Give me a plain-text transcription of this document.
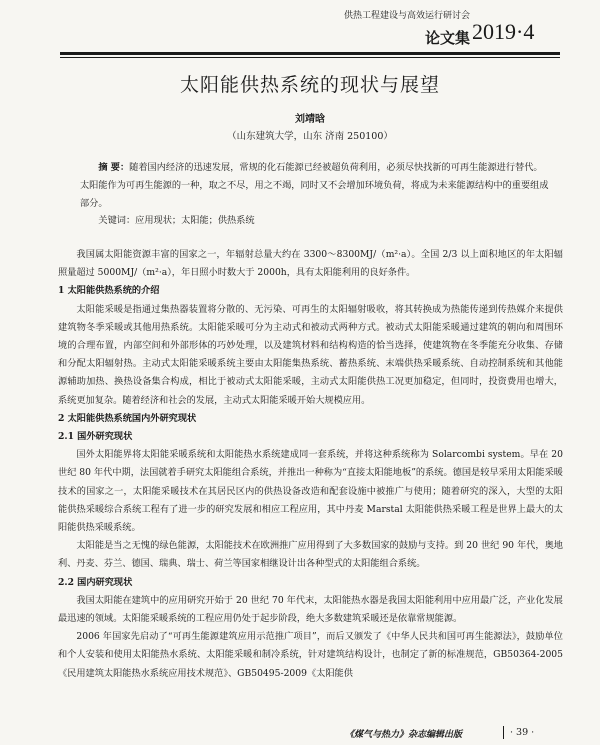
供热工程建设与高效运行研讨会
论文集 2019·4
太阳能供热系统的现状与展望
刘靖晗
（山东建筑大学，山东 济南 250100）
摘 要：随着国内经济的迅速发展，常规的化石能源已经被超负荷利用，必须尽快找新的可再生能源进行替代。太阳能作为可再生能源的一种，取之不尽，用之不竭，同时又不会增加环境负荷，将成为未来能源结构中的重要组成部分。
关键词：应用现状；太阳能；供热系统

我国属太阳能资源丰富的国家之一，年辐射总量大约在 3300～8300MJ/（m²·a）。全国 2/3 以上面积地区的年太阳辐照量超过 5000MJ/（m²·a），年日照小时数大于 2000h，具有太阳能利用的良好条件。

1 太阳能供热系统的介绍

太阳能采暖是指通过集热器装置将分散的、无污染、可再生的太阳辐射吸收，将其转换成为热能传递到传热媒介来提供建筑物冬季采暖或其他用热系统。太阳能采暖可分为主动式和被动式两种方式。被动式太阳能采暖通过建筑的朝向和周围环境的合理布置，内部空间和外部形体的巧妙处理，以及建筑材料和结构构造的恰当选择，使建筑物在冬季能充分收集、存储和分配太阳辐射热。主动式太阳能采暖系统主要由太阳能集热系统、蓄热系统、末端供热采暖系统、自动控制系统和其他能源辅助加热、换热设备集合构成，相比于被动式太阳能采暖，主动式太阳能供热工况更加稳定，但同时，投资费用也增大，系统更加复杂。随着经济和社会的发展，主动式太阳能采暖开始大规模应用。

2 太阳能供热系统国内外研究现状

2.1 国外研究现状

国外太阳能界将太阳能采暖系统和太阳能热水系统建成同一套系统，并将这种系统称为 Solarcombi system。早在 20 世纪 80 年代中期，法国就着手研究太阳能组合系统，并推出一种称为“直接太阳能地板”的系统。德国是较早采用太阳能采暖技术的国家之一，太阳能采暖技术在其居民区内的供热设备改造和配套设施中被推广与使用；随着研究的深入，大型的太阳能供热采暖综合系统工程有了进一步的研究发展和相应工程应用，其中丹麦 Marstal 太阳能供热采暖工程是世界上最大的太阳能供热采暖系统。

太阳能是当之无愧的绿色能源，太阳能技术在欧洲推广应用得到了大多数国家的鼓励与支持。到 20 世纪 90 年代，奥地利、丹麦、芬兰、德国、瑞典、瑞士、荷兰等国家相继设计出各种型式的太阳能组合系统。

2.2 国内研究现状

我国太阳能在建筑中的应用研究开始于 20 世纪 70 年代末，太阳能热水器是我国太阳能利用中应用最广泛，产业化发展最迅速的领域。太阳能采暖系统的工程应用仍处于起步阶段，绝大多数建筑采暖还是依靠常规能源。

2006 年国家先启动了“可再生能源建筑应用示范推广项目”，而后又颁发了《中华人民共和国可再生能源法》，鼓励单位和个人安装和使用太阳能热水系统、太阳能采暖和制冷系统，针对建筑结构设计，也制定了新的标准规范，GB50364-2005《民用建筑太阳能热水系统应用技术规范》、GB50495-2009《太阳能供

《煤气与热力》杂志编辑出版	· 39 ·
